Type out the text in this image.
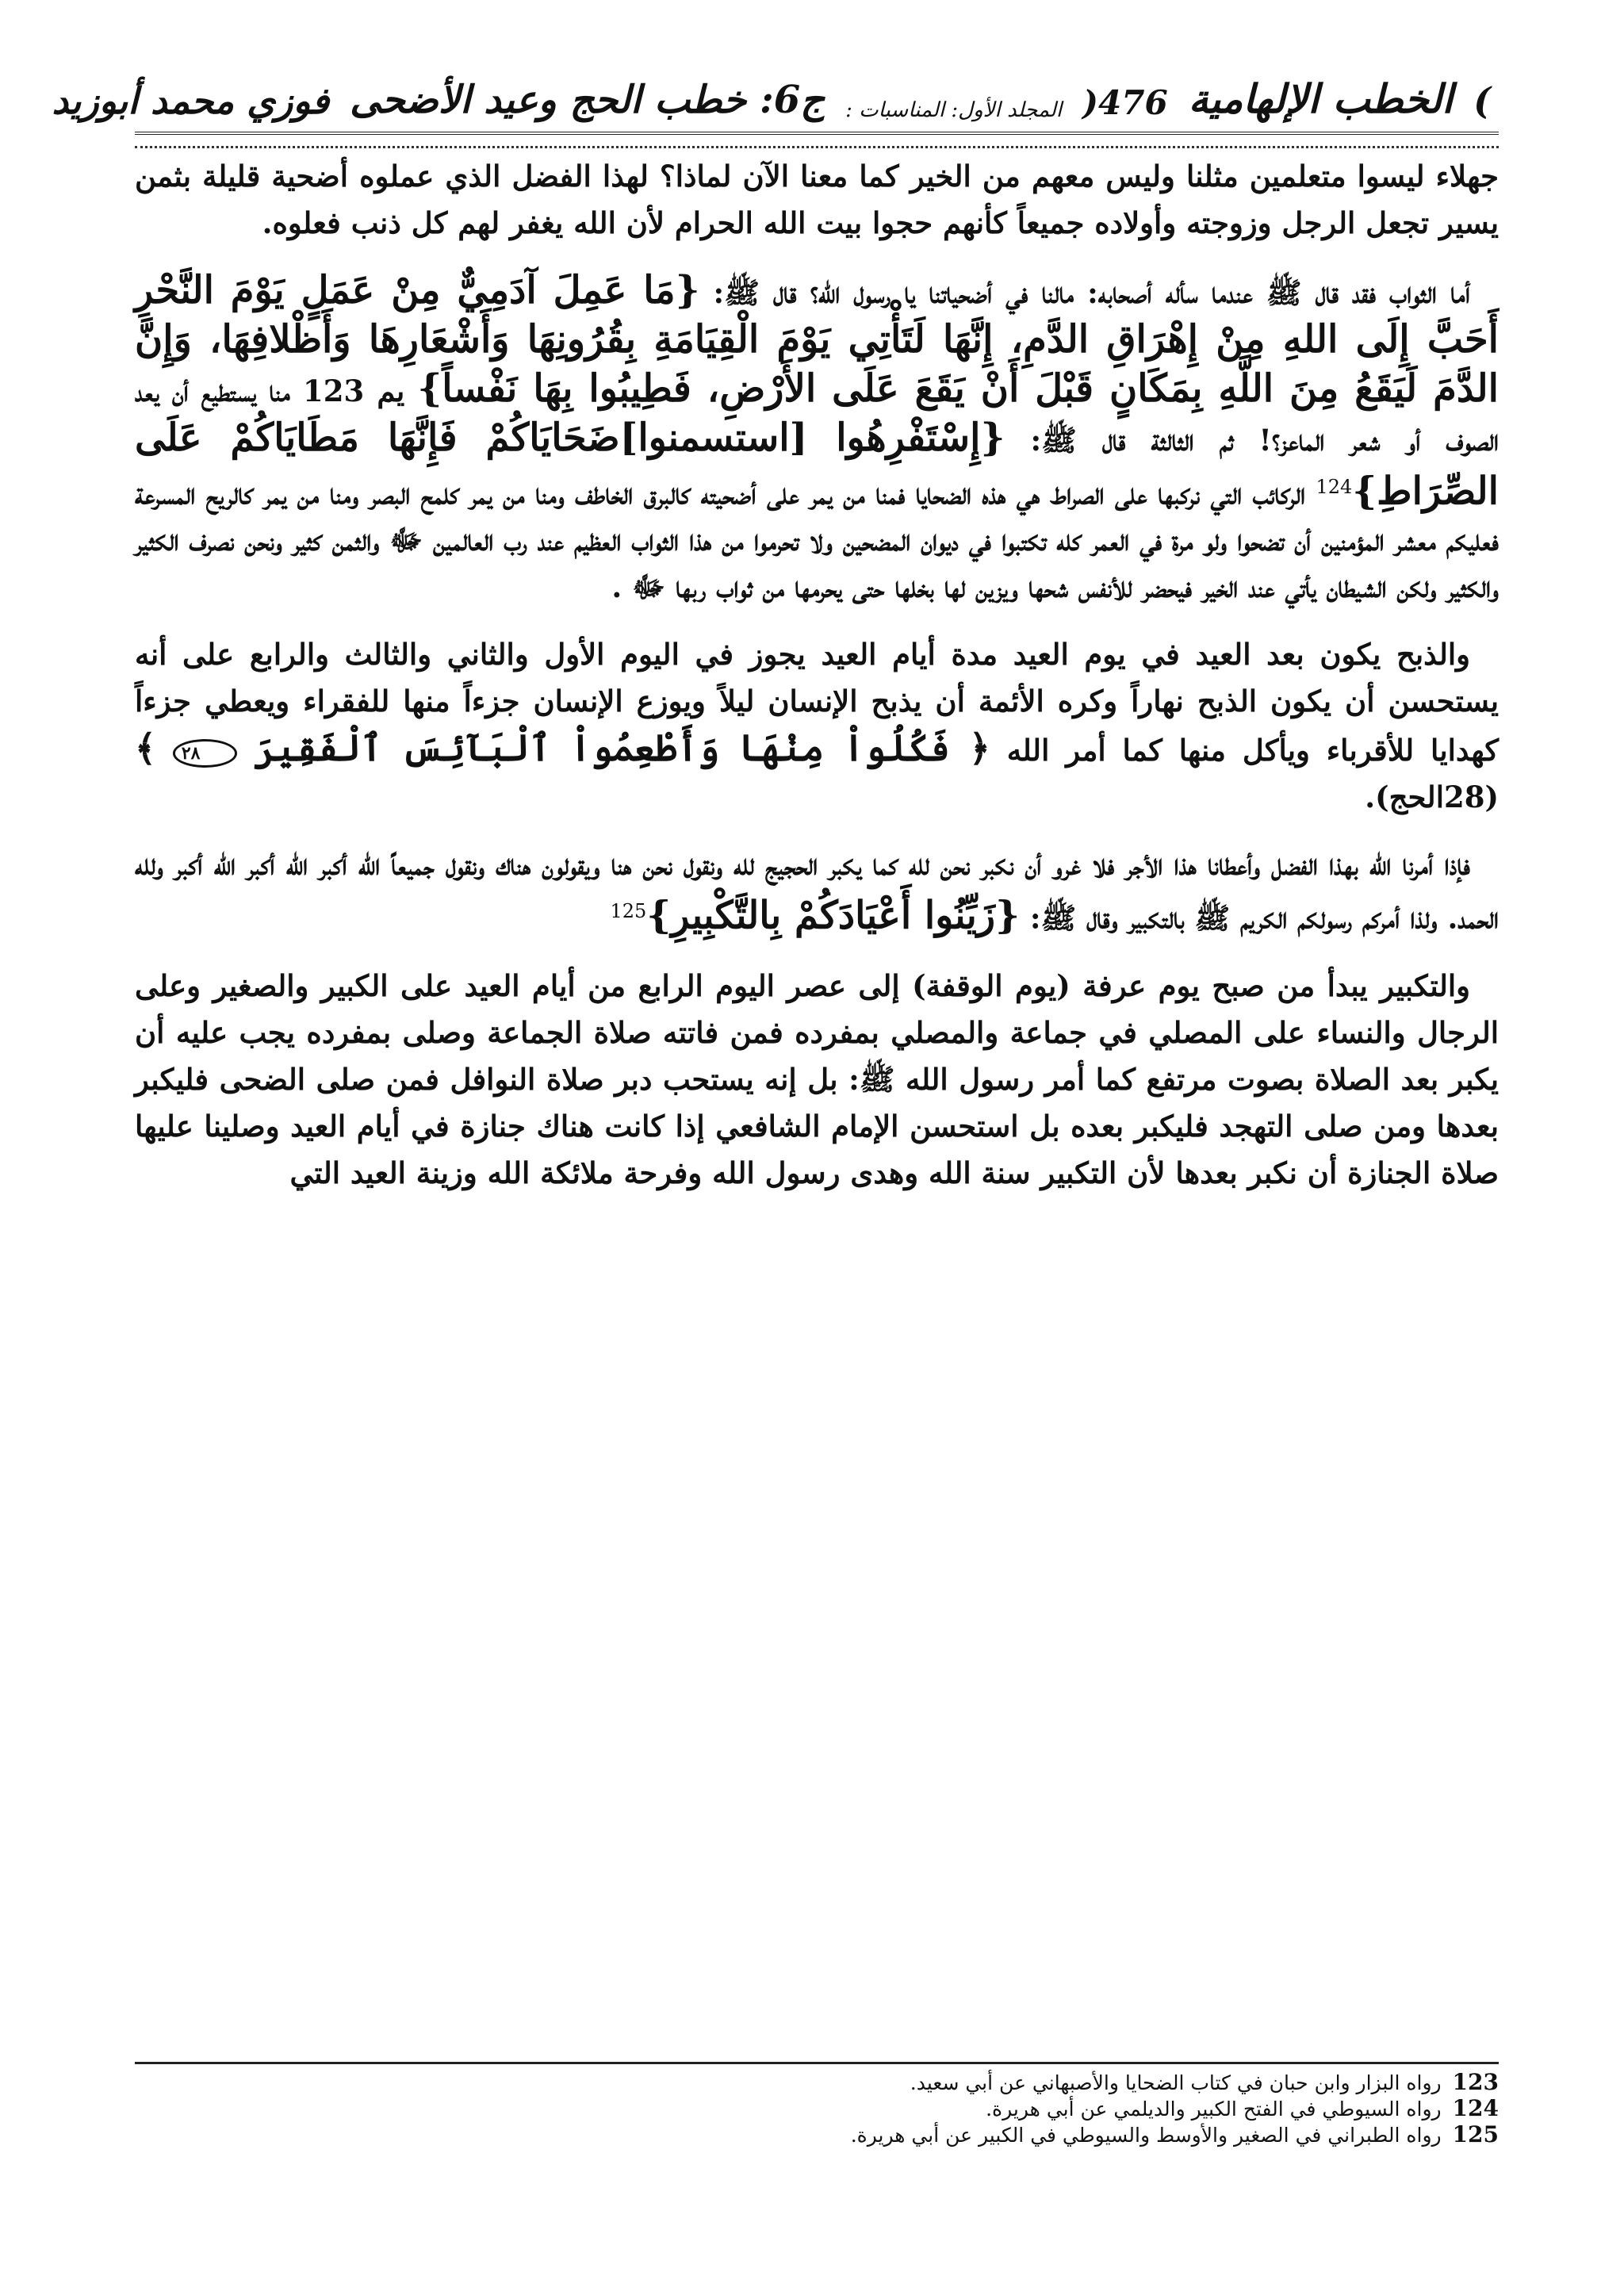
)
الخطب الإلهامية
476(
المجلد الأول: المناسبات :
ج6: خطب الحج وعيد الأضحى
فوزي محمد أبوزيد

جهلاء ليسوا متعلمين مثلنا وليس معهم من الخير كما معنا الآن لماذا؟ لهذا الفضل الذي عملوه أضحية قليلة بثمن يسير تجعل الرجل وزوجته وأولاده جميعاً كأنهم حجوا بيت الله الحرام لأن الله يغفر لهم كل ذنب فعلوه.

أما الثواب فقد قال ﷺ عندما سأله أصحابه: مالنا في أضحياتنا يا رسول الله؟ قال ﷺ: {مَا عَمِلَ آدَمِيٌّ مِنْ عَمَلٍ يَوْمَ النَّحْرِ أَحَبَّ إِلَى اللهِ مِنْ إِهْرَاقِ الدَّمِ، إِنَّهَا لَتَأْتِي يَوْمَ الْقِيَامَةِ بِقُرُونِهَا وَأَشْعَارِهَا وَأَظْلافِهَا، وَإِنَّ الدَّمَ لَيَقَعُ مِنَ اللَّهِ بِمَكَانٍ قَبْلَ أَنْ يَقَعَ عَلَى الأَرْضِ، فَطِيبُوا بِهَا نَفْساً} يم 123 منا يستطيع أن يعد الصوف أو شعر الماعز؟! ثم الثالثة قال ﷺ: {إِسْتَفْرِهُوا [استسمنوا]ضَحَايَاكُمْ فَإِنَّهَا مَطَايَاكُمْ عَلَى الصِّرَاطِ}$^{124}$ الركائب التي نركبها على الصراط هي هذه الضحايا فمنا من يمر على أضحيته كالبرق الخاطف ومنا من يمر كلمح البصر ومنا من يمر كالريح المسرعة فعليكم معشر المؤمنين أن تضحوا ولو مرة في العمر كله تكتبوا في ديوان المضحين ولا تحرموا من هذا الثواب العظيم عند رب العالمين ﷻ والثمن كثير ونحن نصرف الكثير والكثير ولكن الشيطان يأتي عند الخير فيحضر للأنفس شحها ويزين لها بخلها حتى يحرمها من ثواب ربها ﷻ .

والذبح يكون بعد العيد في يوم العيد مدة أيام العيد يجوز في اليوم الأول والثاني والثالث والرابع على أنه يستحسن أن يكون الذبح نهاراً وكره الأئمة أن يذبح الإنسان ليلاً ويوزع الإنسان جزءاً منها للفقراء ويعطي جزءاً كهدايا للأقرباء ويأكل منها كما أمر الله ﴿ فَكُلُواْ مِنْهَا وَأَطْعِمُواْ ٱلْبَآئِسَ ٱلْفَقِيرَ ٢٨ ﴾ (28الحج).

فإذا أمرنا الله بهذا الفضل وأعطانا هذا الأجر فلا غرو أن نكبر نحن لله كما يكبر الحجيج لله ونقول نحن هنا ويقولون هناك ونقول جميعاً الله أكبر الله أكبر الله أكبر ولله الحمد. ولذا أمركم رسولكم الكريم ﷺ بالتكبير وقال ﷺ: {زَيِّنُوا أَعْيَادَكُمْ بِالتَّكْبِيرِ}$^{125}$

والتكبير يبدأ من صبح يوم عرفة (يوم الوقفة) إلى عصر اليوم الرابع من أيام العيد على الكبير والصغير وعلى الرجال والنساء على المصلي في جماعة والمصلي بمفرده فمن فاتته صلاة الجماعة وصلى بمفرده يجب عليه أن يكبر بعد الصلاة بصوت مرتفع كما أمر رسول الله ﷺ: بل إنه يستحب دبر صلاة النوافل فمن صلى الضحى فليكبر بعدها ومن صلى التهجد فليكبر بعده بل استحسن الإمام الشافعي إذا كانت هناك جنازة في أيام العيد وصلينا عليها صلاة الجنازة أن نكبر بعدها لأن التكبير سنة الله وهدى رسول الله وفرحة ملائكة الله وزينة العيد التي

123 رواه البزار وابن حبان في كتاب الضحايا والأصبهاني عن أبي سعيد.
124 رواه السيوطي في الفتح الكبير والديلمي عن أبي هريرة.
125 رواه الطبراني في الصغير والأوسط والسيوطي في الكبير عن أبي هريرة.
